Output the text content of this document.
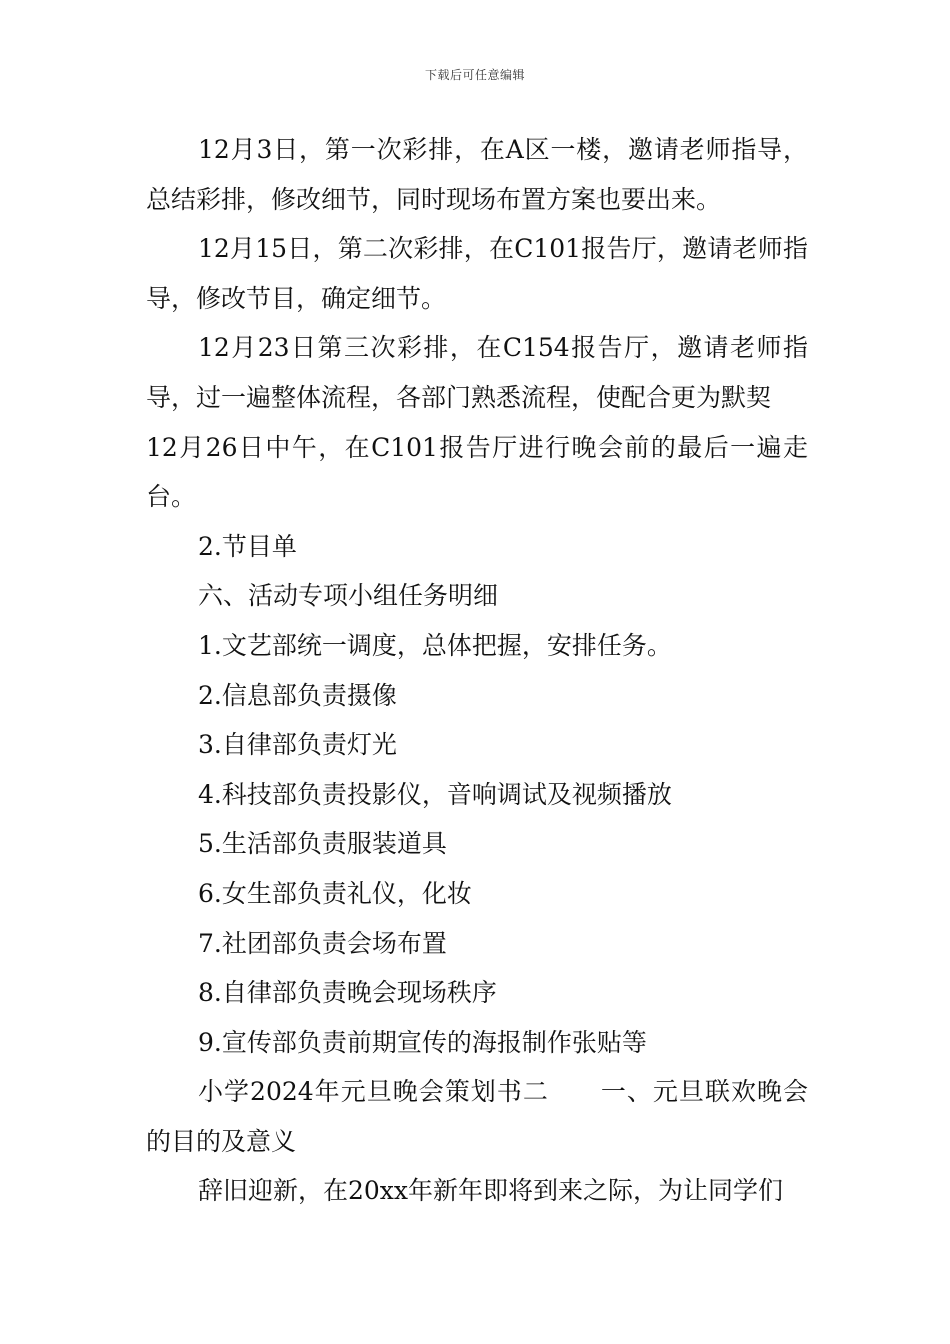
下载后可任意编辑

12月3日，第一次彩排，在A区一楼，邀请老师指导，总结彩排，修改细节，同时现场布置方案也要出来。

12月15日，第二次彩排，在C101报告厅，邀请老师指导，修改节目，确定细节。

12月23日第三次彩排，在C154报告厅，邀请老师指导，过一遍整体流程，各部门熟悉流程，使配合更为默契

12月26日中午，在C101报告厅进行晚会前的最后一遍走台。

2.节目单

六、活动专项小组任务明细

1.文艺部统一调度，总体把握，安排任务。

2.信息部负责摄像

3.自律部负责灯光

4.科技部负责投影仪，音响调试及视频播放

5.生活部负责服装道具

6.女生部负责礼仪，化妆

7.社团部负责会场布置

8.自律部负责晚会现场秩序

9.宣传部负责前期宣传的海报制作张贴等

小学2024年元旦晚会策划书二　　一、元旦联欢晚会的目的及意义

辞旧迎新，在20xx年新年即将到来之际，为让同学们
